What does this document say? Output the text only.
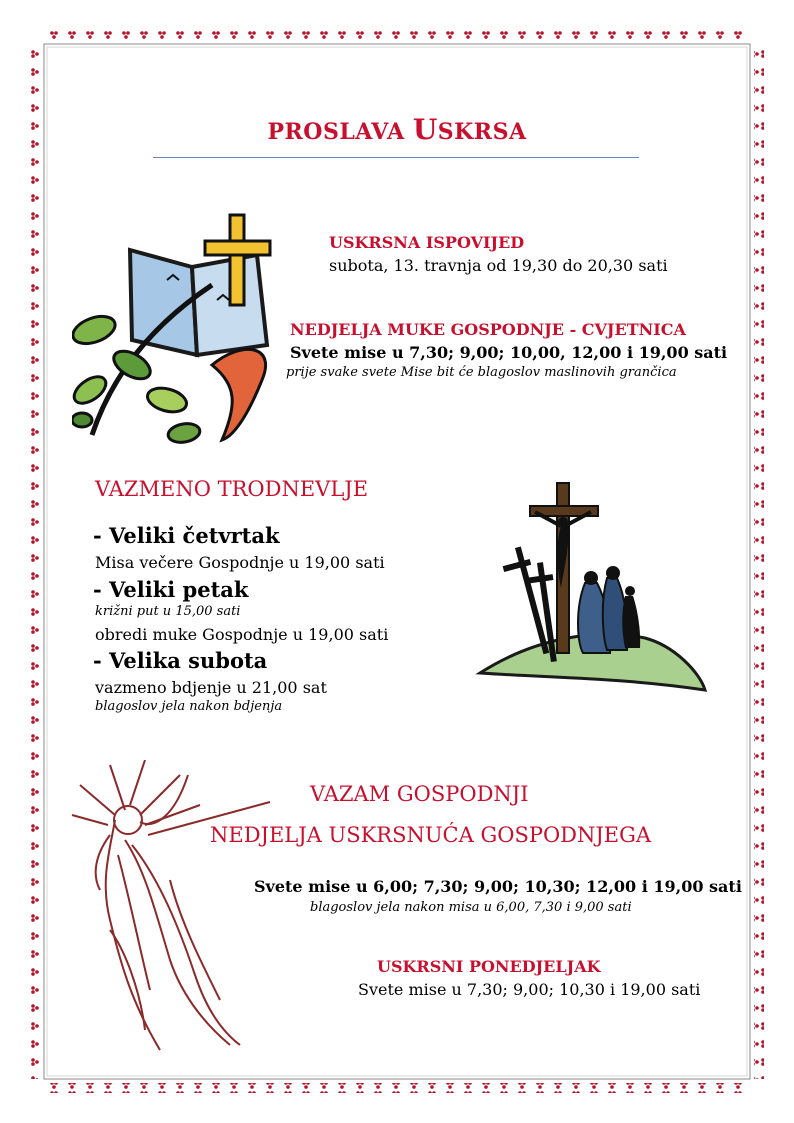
PROSLAVA USKRSA
USKRSNA ISPOVIJED
subota, 13. travnja od 19,30 do 20,30 sati
NEDJELJA MUKE GOSPODNJE - CVJETNICA
Svete mise u 7,30; 9,00; 10,00, 12,00 i 19,00 sati
prije svake svete Mise bit će blagoslov maslinovih grančica
VAZMENO TRODNEVLJE
- Veliki četvrtak
Misa večere Gospodnje u 19,00 sati
- Veliki petak
križni put u 15,00 sati
obredi muke Gospodnje u 19,00 sati
- Velika subota
vazmeno bdjenje u 21,00 sat
blagoslov jela nakon bdjenja
VAZAM GOSPODNJI
NEDJELJA USKRSNUĆA GOSPODNJEGA
Svete mise u 6,00; 7,30; 9,00; 10,30; 12,00 i 19,00 sati
blagoslov jela nakon misa u 6,00, 7,30 i 9,00 sati
USKRSNI PONEDJELJAK
Svete mise u 7,30; 9,00; 10,30 i 19,00 sati
